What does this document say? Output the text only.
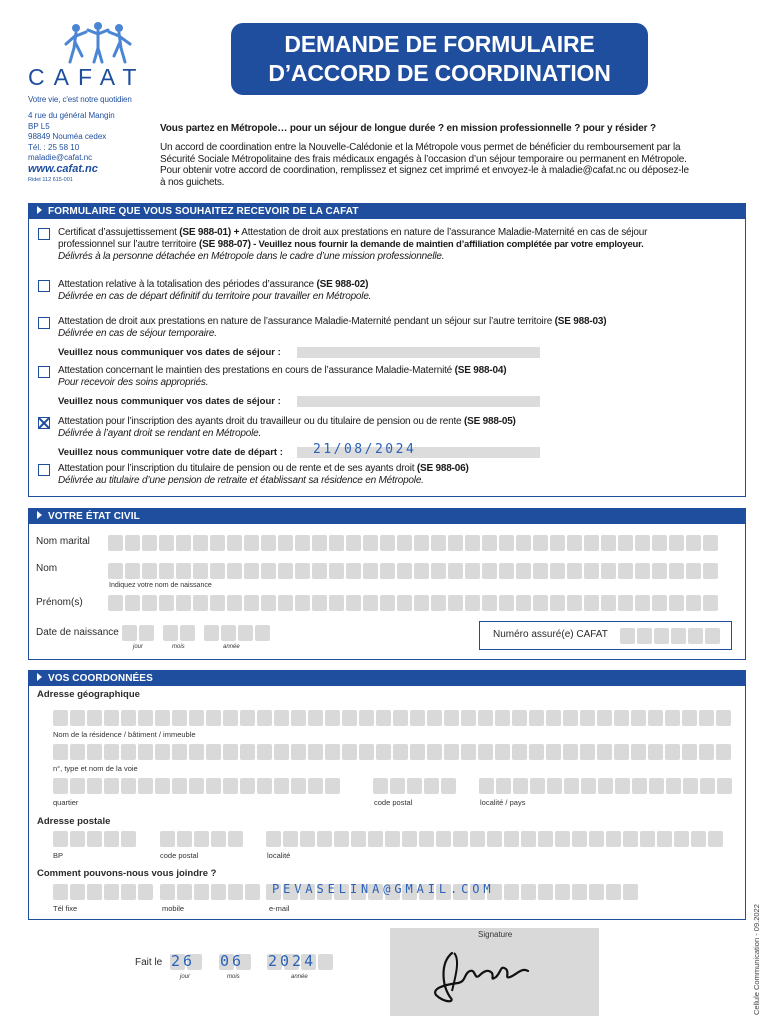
CAFAT
Votre vie, c'est notre quotidien
4 rue du général Mangin
BP L5
98849 Nouméa cedex
Tél. : 25 58 10
maladie@cafat.nc
www.cafat.nc
Ridet 112 615-001
DEMANDE DE FORMULAIRE
D’ACCORD DE COORDINATION
Vous partez en Métropole… pour un séjour de longue durée ? en mission professionnelle ? pour y résider ?
Un accord de coordination entre la Nouvelle-Calédonie et la Métropole vous permet de bénéficier du remboursement par la
Sécurité Sociale Métropolitaine des frais médicaux engagés à l’occasion d’un séjour temporaire ou permanent en Métropole.
Pour obtenir votre accord de coordination, remplissez et signez cet imprimé et envoyez-le à maladie@cafat.nc ou déposez-le
à nos guichets.
FORMULAIRE QUE VOUS SOUHAITEZ RECEVOIR DE LA CAFAT
Certificat d’assujettissement (SE 988-01) + Attestation de droit aux prestations en nature de l’assurance Maladie-Maternité en cas de séjour
professionnel sur l’autre territoire (SE 988-07) - Veuillez nous fournir la demande de maintien d’affiliation complétée par votre employeur.
Délivrés à la personne détachée en Métropole dans le cadre d’une mission professionnelle.
Attestation relative à la totalisation des périodes d’assurance (SE 988-02)
Délivrée en cas de départ définitif du territoire pour travailler en Métropole.
Attestation de droit aux prestations en nature de l’assurance Maladie-Maternité pendant un séjour sur l’autre territoire (SE 988-03)
Délivrée en cas de séjour temporaire.
Veuillez nous communiquer vos dates de séjour :
Attestation concernant le maintien des prestations en cours de l’assurance Maladie-Maternité (SE 988-04)
Pour recevoir des soins appropriés.
Veuillez nous communiquer vos dates de séjour :
Attestation pour l’inscription des ayants droit du travailleur ou du titulaire de pension ou de rente (SE 988-05)
Délivrée à l’ayant droit se rendant en Métropole.
Veuillez nous communiquer votre date de départ : 21/08/2024
Attestation pour l’inscription du titulaire de pension ou de rente et de ses ayants droit (SE 988-06)
Délivrée au titulaire d’une pension de retraite et établissant sa résidence en Métropole.
VOTRE ÉTAT CIVIL
Nom marital
Nom
Indiquez votre nom de naissance
Prénom(s)
Date de naissance
jour	mois	année
Numéro assuré(e) CAFAT
VOS COORDONNÉES
Adresse géographique
Nom de la résidence / bâtiment / immeuble
n°, type et nom de la voie
quartier	code postal	localité / pays
Adresse postale
BP	code postal	localité
Comment pouvons-nous vous joindre ?
PEVASELINA@GMAIL.COM
Tél fixe	mobile	e-mail
Fait le 26 06 2024
jour	mois	année
Signature	Cellule Communication - 09.2022
